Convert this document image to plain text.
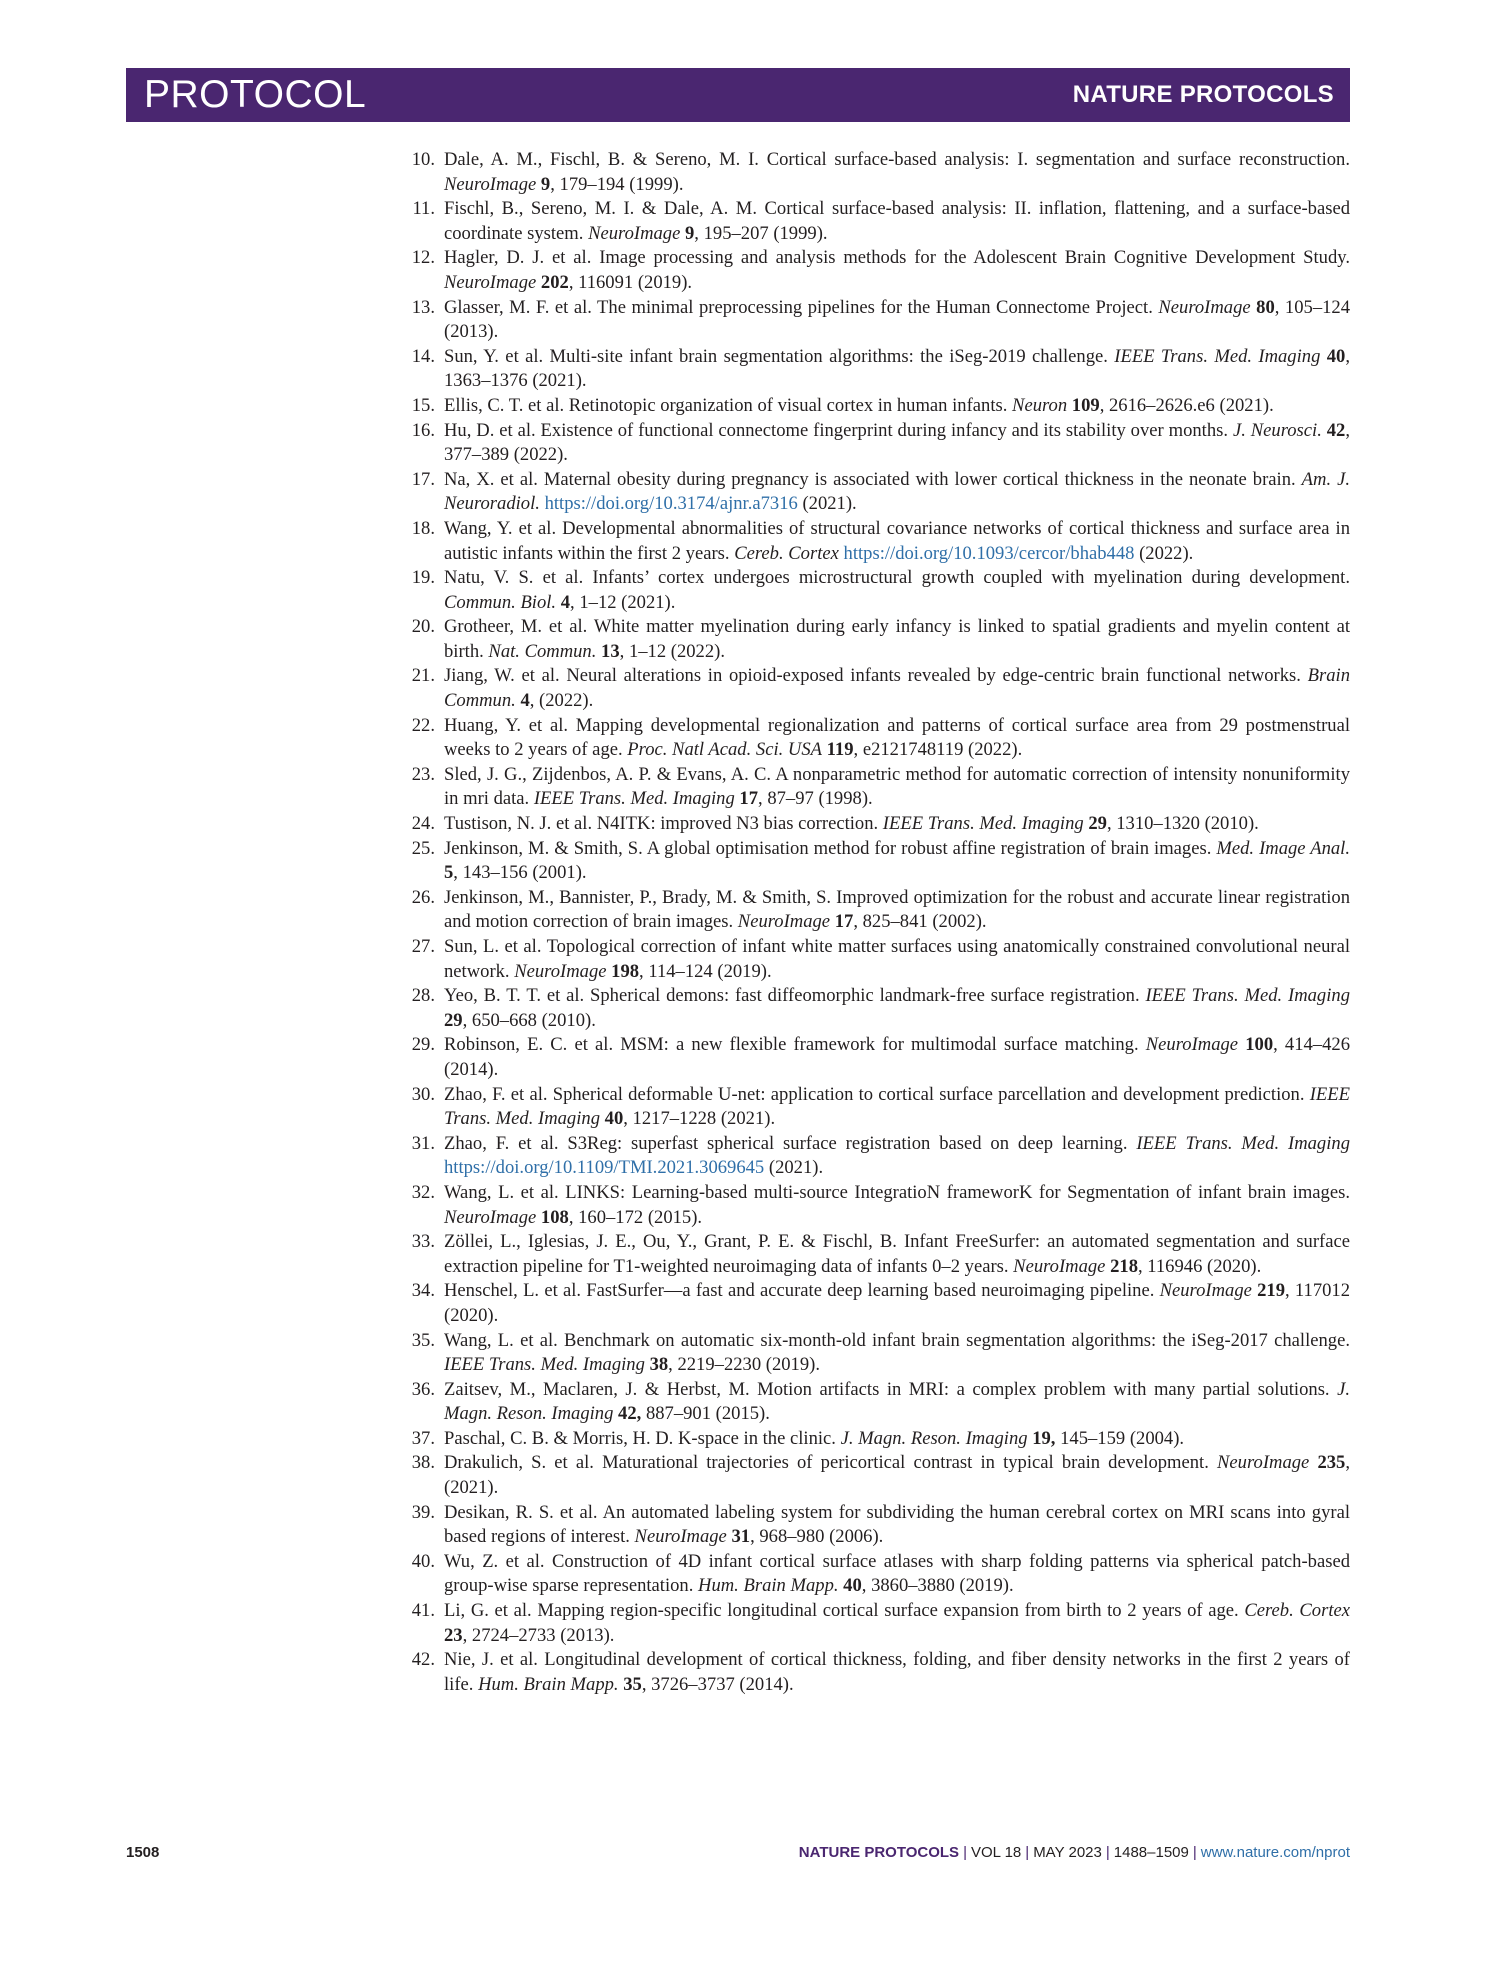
PROTOCOL	NATURE PROTOCOLS
10. Dale, A. M., Fischl, B. & Sereno, M. I. Cortical surface-based analysis: I. segmentation and surface reconstruction. NeuroImage 9, 179–194 (1999).
11. Fischl, B., Sereno, M. I. & Dale, A. M. Cortical surface-based analysis: II. inflation, flattening, and a surface-based coordinate system. NeuroImage 9, 195–207 (1999).
12. Hagler, D. J. et al. Image processing and analysis methods for the Adolescent Brain Cognitive Development Study. NeuroImage 202, 116091 (2019).
13. Glasser, M. F. et al. The minimal preprocessing pipelines for the Human Connectome Project. NeuroImage 80, 105–124 (2013).
14. Sun, Y. et al. Multi-site infant brain segmentation algorithms: the iSeg-2019 challenge. IEEE Trans. Med. Imaging 40, 1363–1376 (2021).
15. Ellis, C. T. et al. Retinotopic organization of visual cortex in human infants. Neuron 109, 2616–2626.e6 (2021).
16. Hu, D. et al. Existence of functional connectome fingerprint during infancy and its stability over months. J. Neurosci. 42, 377–389 (2022).
17. Na, X. et al. Maternal obesity during pregnancy is associated with lower cortical thickness in the neonate brain. Am. J. Neuroradiol. https://doi.org/10.3174/ajnr.a7316 (2021).
18. Wang, Y. et al. Developmental abnormalities of structural covariance networks of cortical thickness and surface area in autistic infants within the first 2 years. Cereb. Cortex https://doi.org/10.1093/cercor/bhab448 (2022).
19. Natu, V. S. et al. Infants’ cortex undergoes microstructural growth coupled with myelination during development. Commun. Biol. 4, 1–12 (2021).
20. Grotheer, M. et al. White matter myelination during early infancy is linked to spatial gradients and myelin content at birth. Nat. Commun. 13, 1–12 (2022).
21. Jiang, W. et al. Neural alterations in opioid-exposed infants revealed by edge-centric brain functional networks. Brain Commun. 4, (2022).
22. Huang, Y. et al. Mapping developmental regionalization and patterns of cortical surface area from 29 postmenstrual weeks to 2 years of age. Proc. Natl Acad. Sci. USA 119, e2121748119 (2022).
23. Sled, J. G., Zijdenbos, A. P. & Evans, A. C. A nonparametric method for automatic correction of intensity nonuniformity in mri data. IEEE Trans. Med. Imaging 17, 87–97 (1998).
24. Tustison, N. J. et al. N4ITK: improved N3 bias correction. IEEE Trans. Med. Imaging 29, 1310–1320 (2010).
25. Jenkinson, M. & Smith, S. A global optimisation method for robust affine registration of brain images. Med. Image Anal. 5, 143–156 (2001).
26. Jenkinson, M., Bannister, P., Brady, M. & Smith, S. Improved optimization for the robust and accurate linear registration and motion correction of brain images. NeuroImage 17, 825–841 (2002).
27. Sun, L. et al. Topological correction of infant white matter surfaces using anatomically constrained convolutional neural network. NeuroImage 198, 114–124 (2019).
28. Yeo, B. T. T. et al. Spherical demons: fast diffeomorphic landmark-free surface registration. IEEE Trans. Med. Imaging 29, 650–668 (2010).
29. Robinson, E. C. et al. MSM: a new flexible framework for multimodal surface matching. NeuroImage 100, 414–426 (2014).
30. Zhao, F. et al. Spherical deformable U-net: application to cortical surface parcellation and development prediction. IEEE Trans. Med. Imaging 40, 1217–1228 (2021).
31. Zhao, F. et al. S3Reg: superfast spherical surface registration based on deep learning. IEEE Trans. Med. Imaging https://doi.org/10.1109/TMI.2021.3069645 (2021).
32. Wang, L. et al. LINKS: Learning-based multi-source IntegratioN frameworK for Segmentation of infant brain images. NeuroImage 108, 160–172 (2015).
33. Zöllei, L., Iglesias, J. E., Ou, Y., Grant, P. E. & Fischl, B. Infant FreeSurfer: an automated segmentation and surface extraction pipeline for T1-weighted neuroimaging data of infants 0–2 years. NeuroImage 218, 116946 (2020).
34. Henschel, L. et al. FastSurfer—a fast and accurate deep learning based neuroimaging pipeline. NeuroImage 219, 117012 (2020).
35. Wang, L. et al. Benchmark on automatic six-month-old infant brain segmentation algorithms: the iSeg-2017 challenge. IEEE Trans. Med. Imaging 38, 2219–2230 (2019).
36. Zaitsev, M., Maclaren, J. & Herbst, M. Motion artifacts in MRI: a complex problem with many partial solutions. J. Magn. Reson. Imaging 42, 887–901 (2015).
37. Paschal, C. B. & Morris, H. D. K-space in the clinic. J. Magn. Reson. Imaging 19, 145–159 (2004).
38. Drakulich, S. et al. Maturational trajectories of pericortical contrast in typical brain development. NeuroImage 235, (2021).
39. Desikan, R. S. et al. An automated labeling system for subdividing the human cerebral cortex on MRI scans into gyral based regions of interest. NeuroImage 31, 968–980 (2006).
40. Wu, Z. et al. Construction of 4D infant cortical surface atlases with sharp folding patterns via spherical patch-based group-wise sparse representation. Hum. Brain Mapp. 40, 3860–3880 (2019).
41. Li, G. et al. Mapping region-specific longitudinal cortical surface expansion from birth to 2 years of age. Cereb. Cortex 23, 2724–2733 (2013).
42. Nie, J. et al. Longitudinal development of cortical thickness, folding, and fiber density networks in the first 2 years of life. Hum. Brain Mapp. 35, 3726–3737 (2014).
1508	NATURE PROTOCOLS | VOL 18 | MAY 2023 | 1488–1509 | www.nature.com/nprot
